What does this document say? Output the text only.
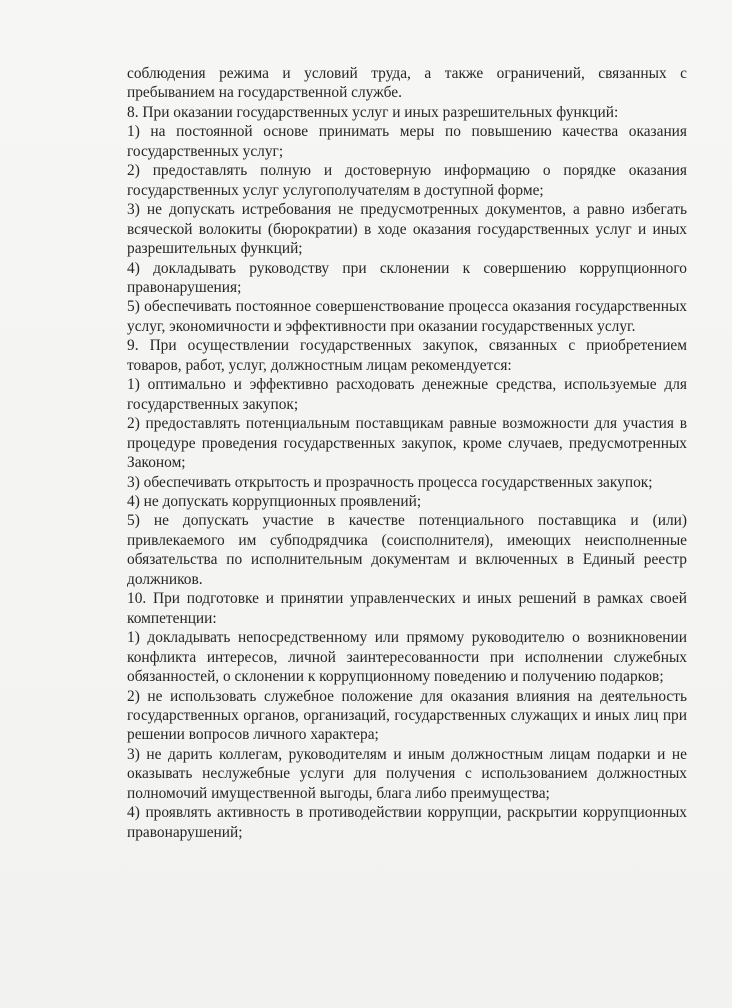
соблюдения режима и условий труда, а также ограничений, связанных с пребыванием на государственной службе.

8. При оказании государственных услуг и иных разрешительных функций:

1) на постоянной основе принимать меры по повышению качества оказания государственных услуг;

2) предоставлять полную и достоверную информацию о порядке оказания государственных услуг услугополучателям в доступной форме;

3) не допускать истребования не предусмотренных документов, а равно избегать всяческой волокиты (бюрократии) в ходе оказания государственных услуг и иных разрешительных функций;

4) докладывать руководству при склонении к совершению коррупционного правонарушения;

5) обеспечивать постоянное совершенствование процесса оказания государственных услуг, экономичности и эффективности при оказании государственных услуг.

9. При осуществлении государственных закупок, связанных с приобретением товаров, работ, услуг, должностным лицам рекомендуется:

1) оптимально и эффективно расходовать денежные средства, используемые для государственных закупок;

2) предоставлять потенциальным поставщикам равные возможности для участия в процедуре проведения государственных закупок, кроме случаев, предусмотренных Законом;

3) обеспечивать открытость и прозрачность процесса государственных закупок;

4) не допускать коррупционных проявлений;

5) не допускать участие в качестве потенциального поставщика и (или) привлекаемого им субподрядчика (соисполнителя), имеющих неисполненные обязательства по исполнительным документам и включенных в Единый реестр должников.

10. При подготовке и принятии управленческих и иных решений в рамках своей компетенции:

1) докладывать непосредственному или прямому руководителю о возникновении конфликта интересов, личной заинтересованности при исполнении служебных обязанностей, о склонении к коррупционному поведению и получению подарков;

2) не использовать служебное положение для оказания влияния на деятельность государственных органов, организаций, государственных служащих и иных лиц при решении вопросов личного характера;

3) не дарить коллегам, руководителям и иным должностным лицам подарки и не оказывать неслужебные услуги для получения с использованием должностных полномочий имущественной выгоды, блага либо преимущества;

4) проявлять активность в противодействии коррупции, раскрытии коррупционных правонарушений;
